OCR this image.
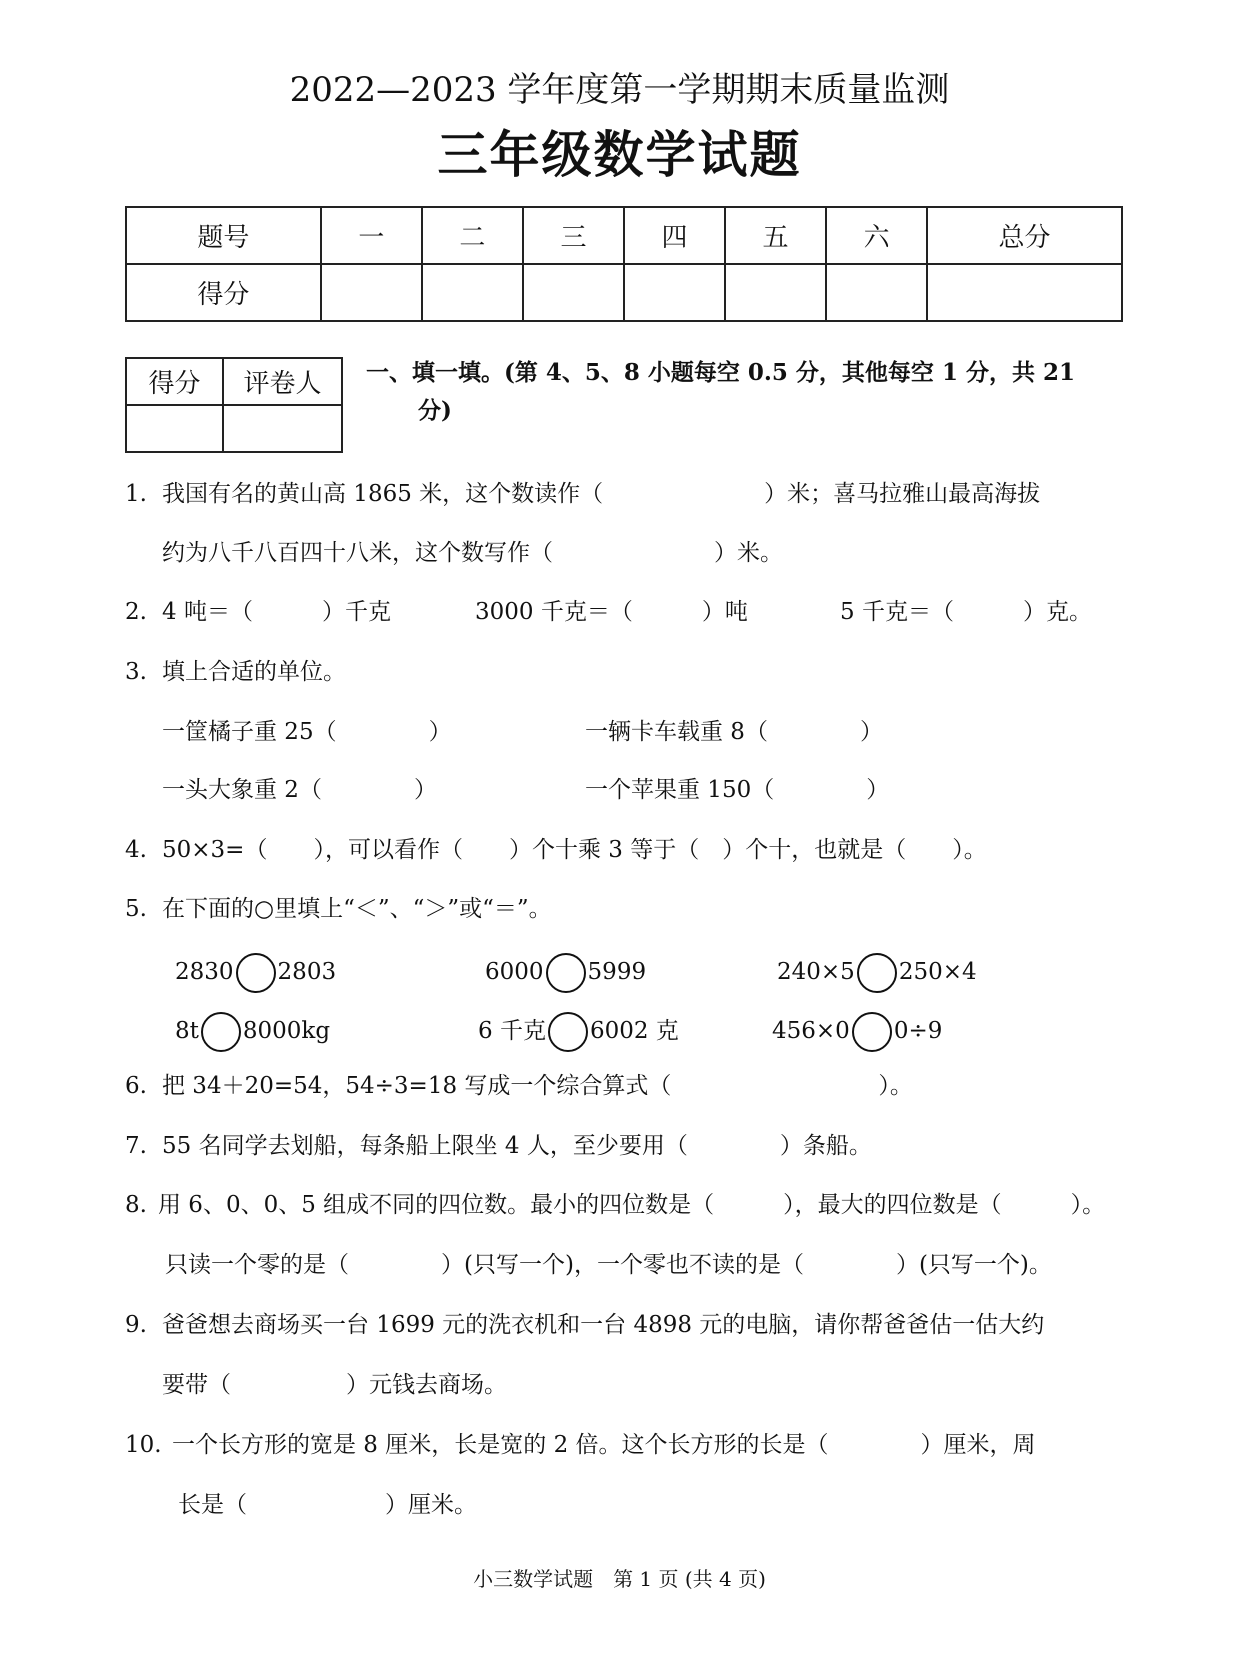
2022—2023 学年度第一学期期末质量监测
三年级数学试题
题号	一	二	三	四	五	六	总分
得分							
得分	评卷人
	一、填一填。(第 4、5、8 小题每空 0.5 分，其他每空 1 分，共 21
分)
1. 我国有名的黄山高 1865 米，这个数读作（　　　　　　　）米；喜马拉雅山最高海拔
约为八千八百四十八米，这个数写作（　　　　　　　）米。
2. 4 吨＝（　　　）千克	3000 千克＝（　　　）吨	5 千克＝（　　　）克。
3. 填上合适的单位。
一筐橘子重 25（　　　　）	一辆卡车载重 8（　　　　）
一头大象重 2（　　　　）	一个苹果重 150（　　　　）
4. 50×3=（　　），可以看作（　　）个十乘 3 等于（　）个十，也就是（　　）。
5. 在下面的○里填上“＜”、“＞”或“＝”。
2830 2803	6000 5999	240×5 250×4
8t 8000kg	6 千克 6002 克	456×0 0÷9
6. 把 34＋20=54，54÷3=18 写成一个综合算式（　　　　　　　　　）。
7. 55 名同学去划船，每条船上限坐 4 人，至少要用（　　　　）条船。
8. 用 6、0、0、5 组成不同的四位数。最小的四位数是（　　　），最大的四位数是（　　　）。
只读一个零的是（　　　　）(只写一个)，一个零也不读的是（　　　　）(只写一个)。
9. 爸爸想去商场买一台 1699 元的洗衣机和一台 4898 元的电脑，请你帮爸爸估一估大约
要带（　　　　　）元钱去商场。
10. 一个长方形的宽是 8 厘米，长是宽的 2 倍。这个长方形的长是（　　　　）厘米，周
长是（　　　　　　）厘米。
小三数学试题　第 1 页 (共 4 页)
